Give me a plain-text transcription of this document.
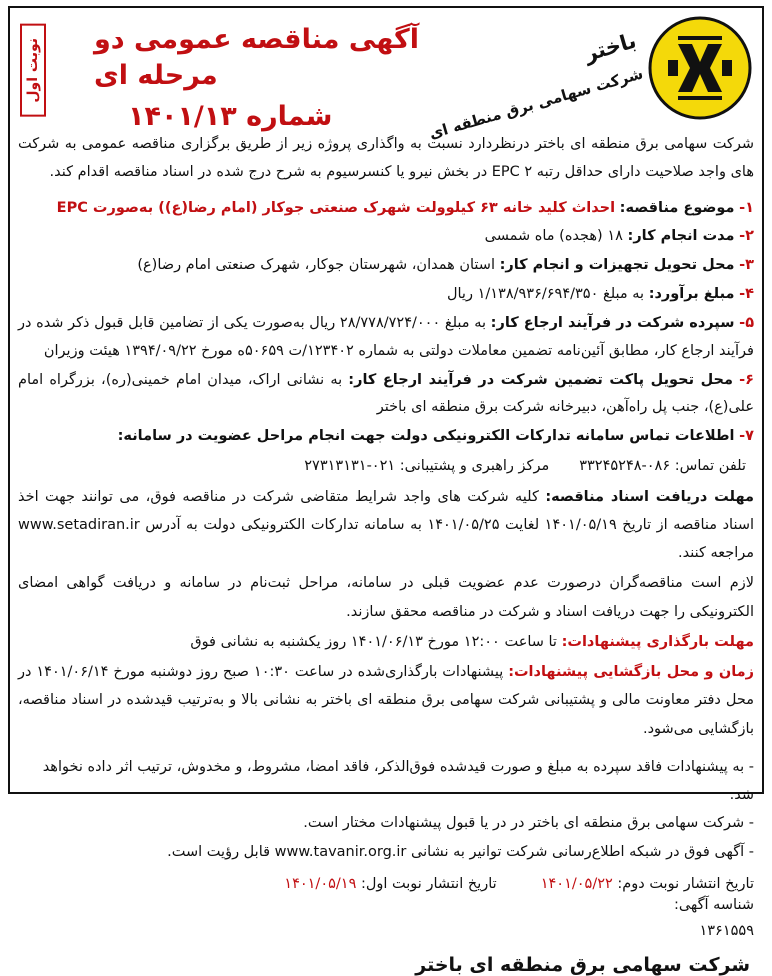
باختر
شرکت سهامی برق منطقه ای
آگهی مناقصه عمومی دو مرحله ای
شماره ۱۴۰۱/۱۳
نوبت اول
شرکت سهامی برق منطقه ای باختر درنظردارد نسبت به واگذاری پروژه زیر از طریق برگزاری مناقصه عمومی به شرکت های واجد صلاحیت دارای حداقل رتبه ۲ EPC در بخش نیرو یا کنسرسیوم به شرح درج شده در اسناد مناقصه اقدام کند.
۱- موضوع مناقصه: احداث کلید خانه ۶۳ کیلوولت شهرک صنعتی جوکار (امام رضا(ع)) به‌صورت EPC
۲- مدت انجام کار: ۱۸ (هجده) ماه شمسی
۳- محل تحویل تجهیزات و انجام کار: استان همدان، شهرستان جوکار، شهرک صنعتی امام رضا(ع)
۴- مبلغ برآورد: به مبلغ ۱/۱۳۸/۹۳۶/۶۹۴/۳۵۰ ریال
۵- سپرده شرکت در فرآیند ارجاع کار: به مبلغ ۲۸/۷۷۸/۷۲۴/۰۰۰ ریال به‌صورت یکی از تضامین قابل قبول ذکر شده در فرآیند ارجاع کار، مطابق آئین‌نامه تضمین معاملات دولتی به شماره ۱۲۳۴۰۲/ت ۵۰۶۵۹ه مورخ ۱۳۹۴/۰۹/۲۲ هیئت وزیران
۶- محل تحویل پاکت تضمین شرکت در فرآیند ارجاع کار: به نشانی اراک، میدان امام خمینی(ره)، بزرگراه امام علی(ع)، جنب پل راه‌آهن، دبیرخانه شرکت برق منطقه ای باختر
۷- اطلاعات تماس سامانه تدارکات الکترونیکی دولت جهت انجام مراحل عضویت در سامانه:
تلفن تماس: ۰۸۶-۳۳۲۴۵۲۴۸
مرکز راهبری و پشتیبانی: ۰۲۱-۲۷۳۱۳۱۳۱
مهلت دریافت اسناد مناقصه: کلیه شرکت های واجد شرایط متقاضی شرکت در مناقصه فوق، می توانند جهت اخذ اسناد مناقصه از تاریخ ۱۴۰۱/۰۵/۱۹ لغایت ۱۴۰۱/۰۵/۲۵ به سامانه تدارکات الکترونیکی دولت به آدرس www.setadiran.ir مراجعه کنند.
لازم است مناقصه‌گران درصورت عدم عضویت قبلی در سامانه، مراحل ثبت‌نام در سامانه و دریافت گواهی امضای الکترونیکی را جهت دریافت اسناد و شرکت در مناقصه محقق سازند.
مهلت بارگذاری پیشنهادات: تا ساعت ۱۲:۰۰ مورخ ۱۴۰۱/۰۶/۱۳ روز یکشنبه به نشانی فوق
زمان و محل بازگشایی پیشنهادات: پیشنهادات بارگذاری‌شده در ساعت ۱۰:۳۰ صبح روز دوشنبه مورخ ۱۴۰۱/۰۶/۱۴ در محل دفتر معاونت مالی و پشتیبانی شرکت سهامی برق منطقه ای باختر به نشانی بالا و به‌ترتیب قیدشده در اسناد مناقصه، بازگشایی می‌شود.
- به پیشنهادات فاقد سپرده به مبلغ و صورت قیدشده فوق‌الذکر، فاقد امضا، مشروط، و مخدوش، ترتیب اثر داده نخواهد شد.
- شرکت سهامی برق منطقه ای باختر در د‌ر‌ یا قبول پیشنهادات مختار است.
- آگهی فوق در شبکه اطلاع‌رسانی شرکت توانیر به نشانی www.tavanir.org.ir قابل رؤیت است.
تاریخ انتشار نوبت دوم: ۱۴۰۱/۰۵/۲۲
تاریخ انتشار نوبت اول: ۱۴۰۱/۰۵/۱۹
شناسه آگهی:
۱۳۶۱۵۵۹
شرکت سهامی برق منطقه ای باختر
